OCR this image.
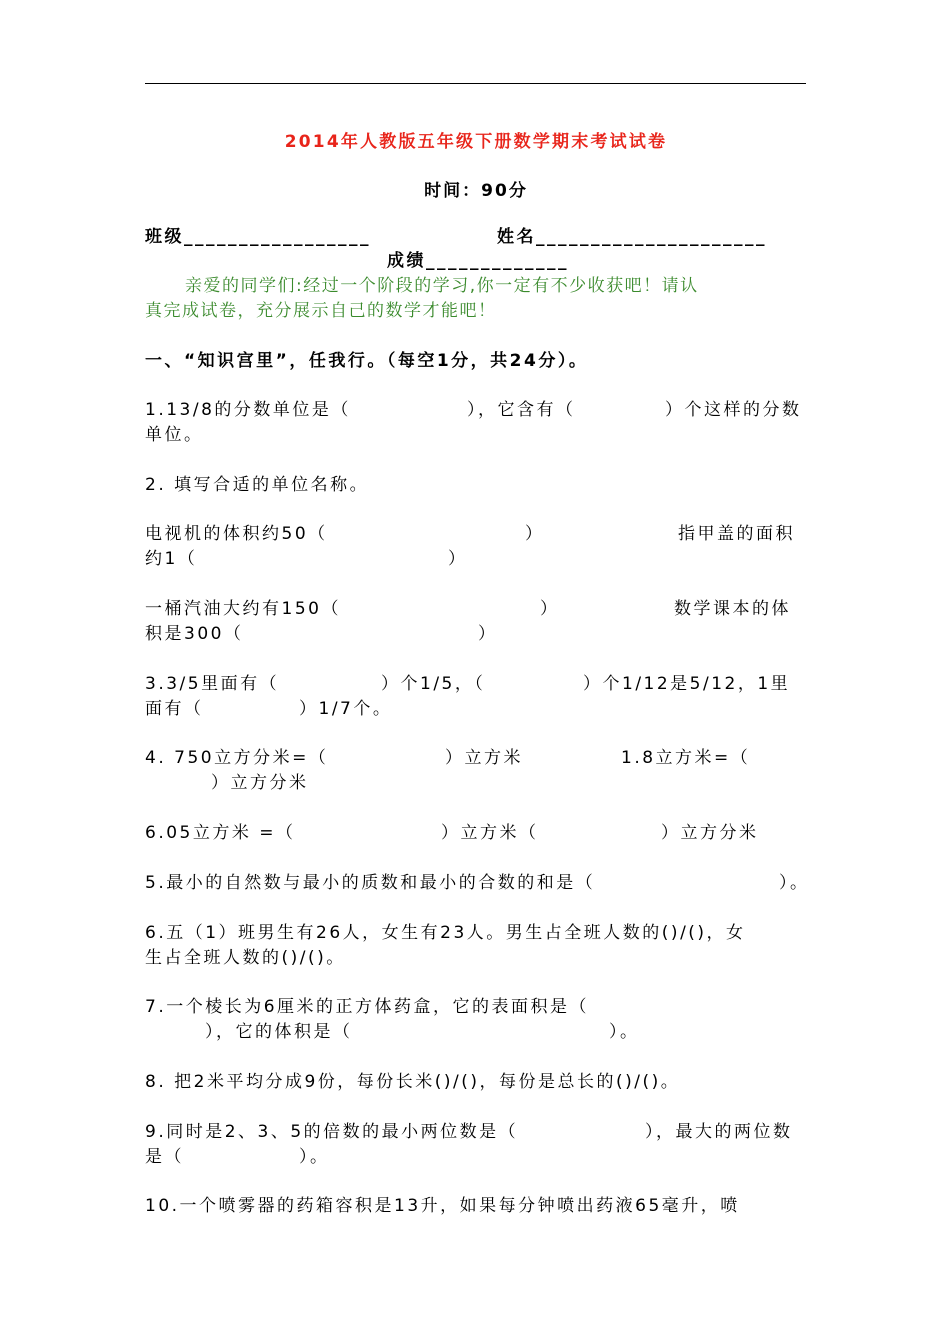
2014年人教版五年级下册数学期末考试试卷
时间：90分
班级_________________	姓名_____________________
成绩_____________
亲爱的同学们:经过一个阶段的学习,你一定有不少收获吧！请认
真完成试卷，充分展示自己的数学才能吧！
一、“知识宫里”，任我行。（每空1分，共24分）。
1.13/8的分数单位是（	），它含有（	）个这样的分数
单位。
2. 填写合适的单位名称。
电视机的体积约50（	）	指甲盖的面积
约1（	）
一桶汽油大约有150（	）	数学课本的体
积是300（	）
3.3/5里面有（	）个1/5，（	）个1/12是5/12，1里
面有（	）1/7个。
4. 750立方分米=（	）立方米	1.8立方米=（
）立方分米
6.05立方米 =（	）立方米（	）立方分米
5.最小的自然数与最小的质数和最小的合数的和是（	）。
6.五（1）班男生有26人，女生有23人。男生占全班人数的()/()，女
生占全班人数的()/()。
7.一个棱长为6厘米的正方体药盒，它的表面积是（
），它的体积是（	）。
8. 把2米平均分成9份，每份长米()/()，每份是总长的()/()。
9.同时是2、3、5的倍数的最小两位数是（	），最大的两位数
是（	）。
10.一个喷雾器的药箱容积是13升，如果每分钟喷出药液65毫升，喷
